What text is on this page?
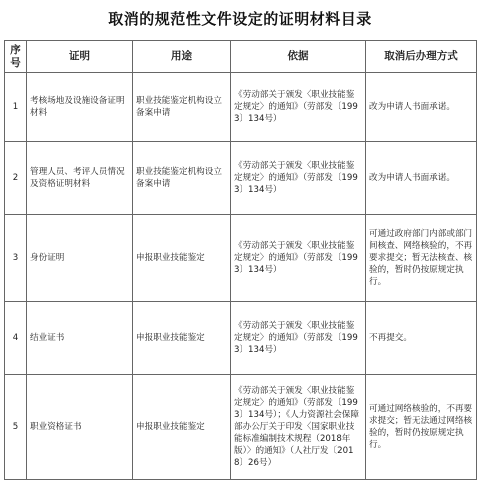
取消的规范性文件设定的证明材料目录
序号	证明	用途	依据	取消后办理方式
1	考核场地及设施设备证明材料	职业技能鉴定机构设立备案申请	《劳动部关于颁发〈职业技能鉴定规定〉的通知》（劳部发〔1993〕134号）	改为申请人书面承诺。
2	管理人员、考评人员情况及资格证明材料	职业技能鉴定机构设立备案申请	《劳动部关于颁发〈职业技能鉴定规定〉的通知》（劳部发〔1993〕134号）	改为申请人书面承诺。
3	身份证明	申报职业技能鉴定	《劳动部关于颁发〈职业技能鉴定规定〉的通知》（劳部发〔1993〕134号）	可通过政府部门内部或部门间核查、网络核验的，不再要求提交；暂无法核查、核验的，暂时仍按原规定执行。
4	结业证书	申报职业技能鉴定	《劳动部关于颁发〈职业技能鉴定规定〉的通知》（劳部发〔1993〕134号）	不再提交。
5	职业资格证书	申报职业技能鉴定	《劳动部关于颁发〈职业技能鉴定规定〉的通知》（劳部发〔1993〕134号）；《人力资源社会保障部办公厅关于印发〈国家职业技能标准编制技术规程（2018年版）〉的通知》（人社厅发〔2018〕26号）	可通过网络核验的，不再要求提交；暂无法通过网络核验的，暂时仍按原规定执行。
